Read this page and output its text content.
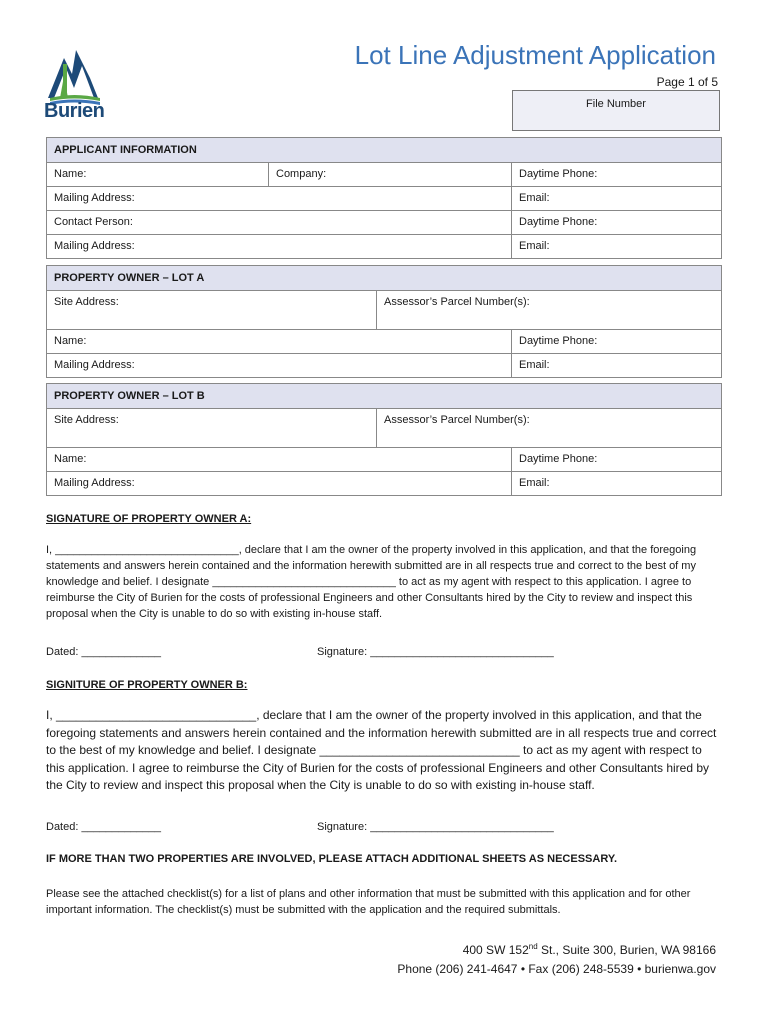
Burien
Lot Line Adjustment Application
Page 1 of 5
File Number
APPLICANT INFORMATION		
Name:	Company:	Daytime Phone:
Mailing Address:		Email:
Contact Person:		Daytime Phone:
Mailing Address:		Email:
PROPERTY OWNER – LOT A		
Site Address:	Assessor’s Parcel Number(s):	
Name:		Daytime Phone:
Mailing Address:		Email:
PROPERTY OWNER – LOT B		
Site Address:	Assessor’s Parcel Number(s):	
Name:		Daytime Phone:
Mailing Address:		Email:
SIGNATURE OF PROPERTY OWNER A:
I, ______________________________, declare that I am the owner of the property involved in this application, and that the foregoing statements and answers herein contained and the information herewith submitted are in all respects true and correct to the best of my knowledge and belief. I designate ______________________________ to act as my agent with respect to this application. I agree to reimburse the City of Burien for the costs of professional Engineers and other Consultants hired by the City to review and inspect this proposal when the City is unable to do so with existing in-house staff.
Dated: _____________	Signature: ______________________________
SIGNITURE OF PROPERTY OWNER B:
I, ______________________________, declare that I am the owner of the property involved in this application, and that the foregoing statements and answers herein contained and the information herewith submitted are in all respects true and correct to the best of my knowledge and belief. I designate ______________________________ to act as my agent with respect to this application. I agree to reimburse the City of Burien for the costs of professional Engineers and other Consultants hired by the City to review and inspect this proposal when the City is unable to do so with existing in-house staff.
Dated: _____________	Signature: ______________________________
IF MORE THAN TWO PROPERTIES ARE INVOLVED, PLEASE ATTACH ADDITIONAL SHEETS AS NECESSARY.
Please see the attached checklist(s) for a list of plans and other information that must be submitted with this application and for other important information. The checklist(s) must be submitted with the application and the required submittals.
400 SW 152nd St., Suite 300, Burien, WA 98166
Phone (206) 241-4647 • Fax (206) 248-5539 • burienwa.gov
